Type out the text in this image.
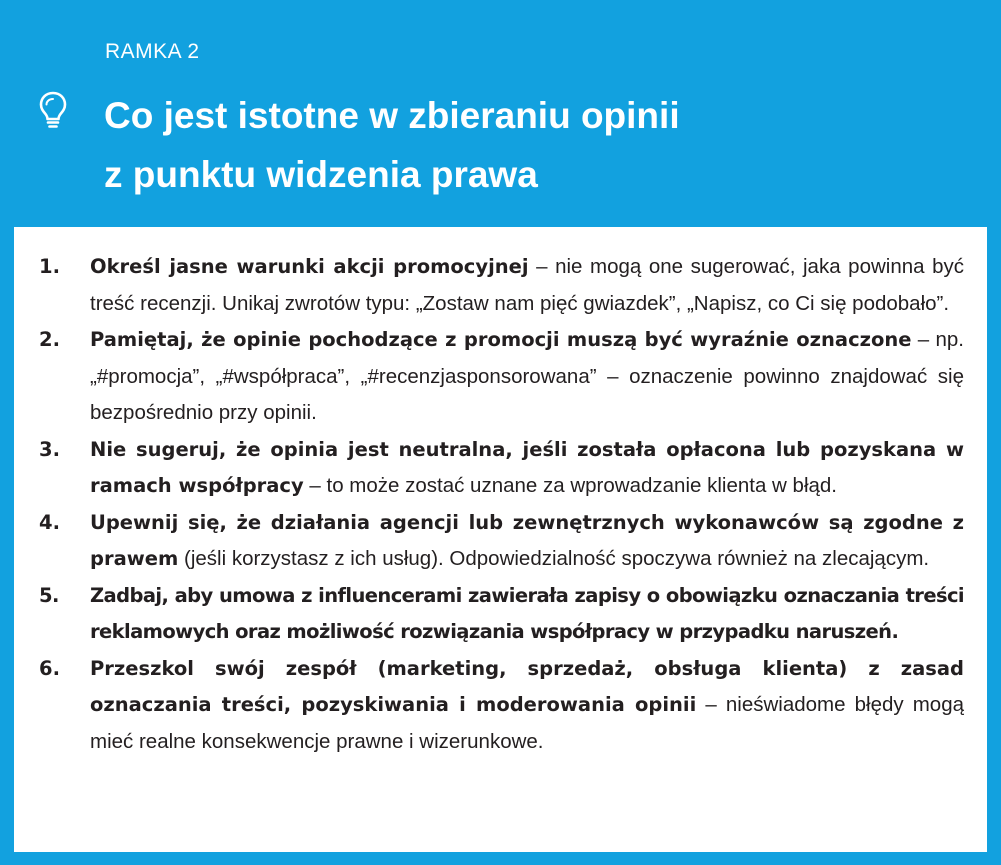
RAMKA 2
Co jest istotne w zbieraniu opinii
z punktu widzenia prawa
1. Określ jasne warunki akcji promocyjnej – nie mogą one sugerować, jaka powinna być treść recenzji. Unikaj zwrotów typu: „Zostaw nam pięć gwiazdek”, „Napisz, co Ci się podobało”.
2. Pamiętaj, że opinie pochodzące z promocji muszą być wyraźnie oznaczone – np. „#promocja”, „#współpraca”, „#recenzjasponsorowana” – oznaczenie powinno znajdować się bezpośrednio przy opinii.
3. Nie sugeruj, że opinia jest neutralna, jeśli została opłacona lub pozyskana w ramach współpracy – to może zostać uznane za wprowadzanie klienta w błąd.
4. Upewnij się, że działania agencji lub zewnętrznych wykonawców są zgodne z prawem (jeśli korzystasz z ich usług). Odpowiedzialność spoczywa również na zlecającym.
5. Zadbaj, aby umowa z influencerami zawierała zapisy o obowiązku oznaczania treści reklamowych oraz możliwość rozwiązania współpracy w przypadku naruszeń.
6. Przeszkol swój zespół (marketing, sprzedaż, obsługa klienta) z zasad oznaczania treści, pozyskiwania i moderowania opinii – nieświadome błędy mogą mieć realne konsekwencje prawne i wizerunkowe.
